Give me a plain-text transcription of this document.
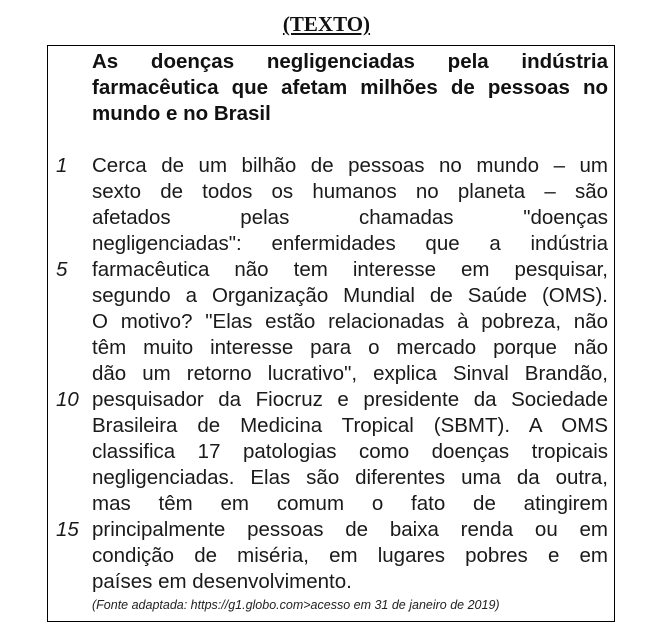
(TEXTO)
As doenças negligenciadas pela indústria
farmacêutica que afetam milhões de pessoas no
mundo e no Brasil
1	Cerca de um bilhão de pessoas no mundo – um
sexto de todos os humanos no planeta – são
afetados pelas chamadas "doenças
negligenciadas": enfermidades que a indústria
5	farmacêutica não tem interesse em pesquisar,
segundo a Organização Mundial de Saúde (OMS).
O motivo? "Elas estão relacionadas à pobreza, não
têm muito interesse para o mercado porque não
dão um retorno lucrativo", explica Sinval Brandão,
10 pesquisador da Fiocruz e presidente da Sociedade
Brasileira de Medicina Tropical (SBMT). A OMS
classifica 17 patologias como doenças tropicais
negligenciadas. Elas são diferentes uma da outra,
mas têm em comum o fato de atingirem
15 principalmente pessoas de baixa renda ou em
condição de miséria, em lugares pobres e em
países em desenvolvimento.
(Fonte adaptada: https://g1.globo.com>acesso em 31 de janeiro de 2019)
